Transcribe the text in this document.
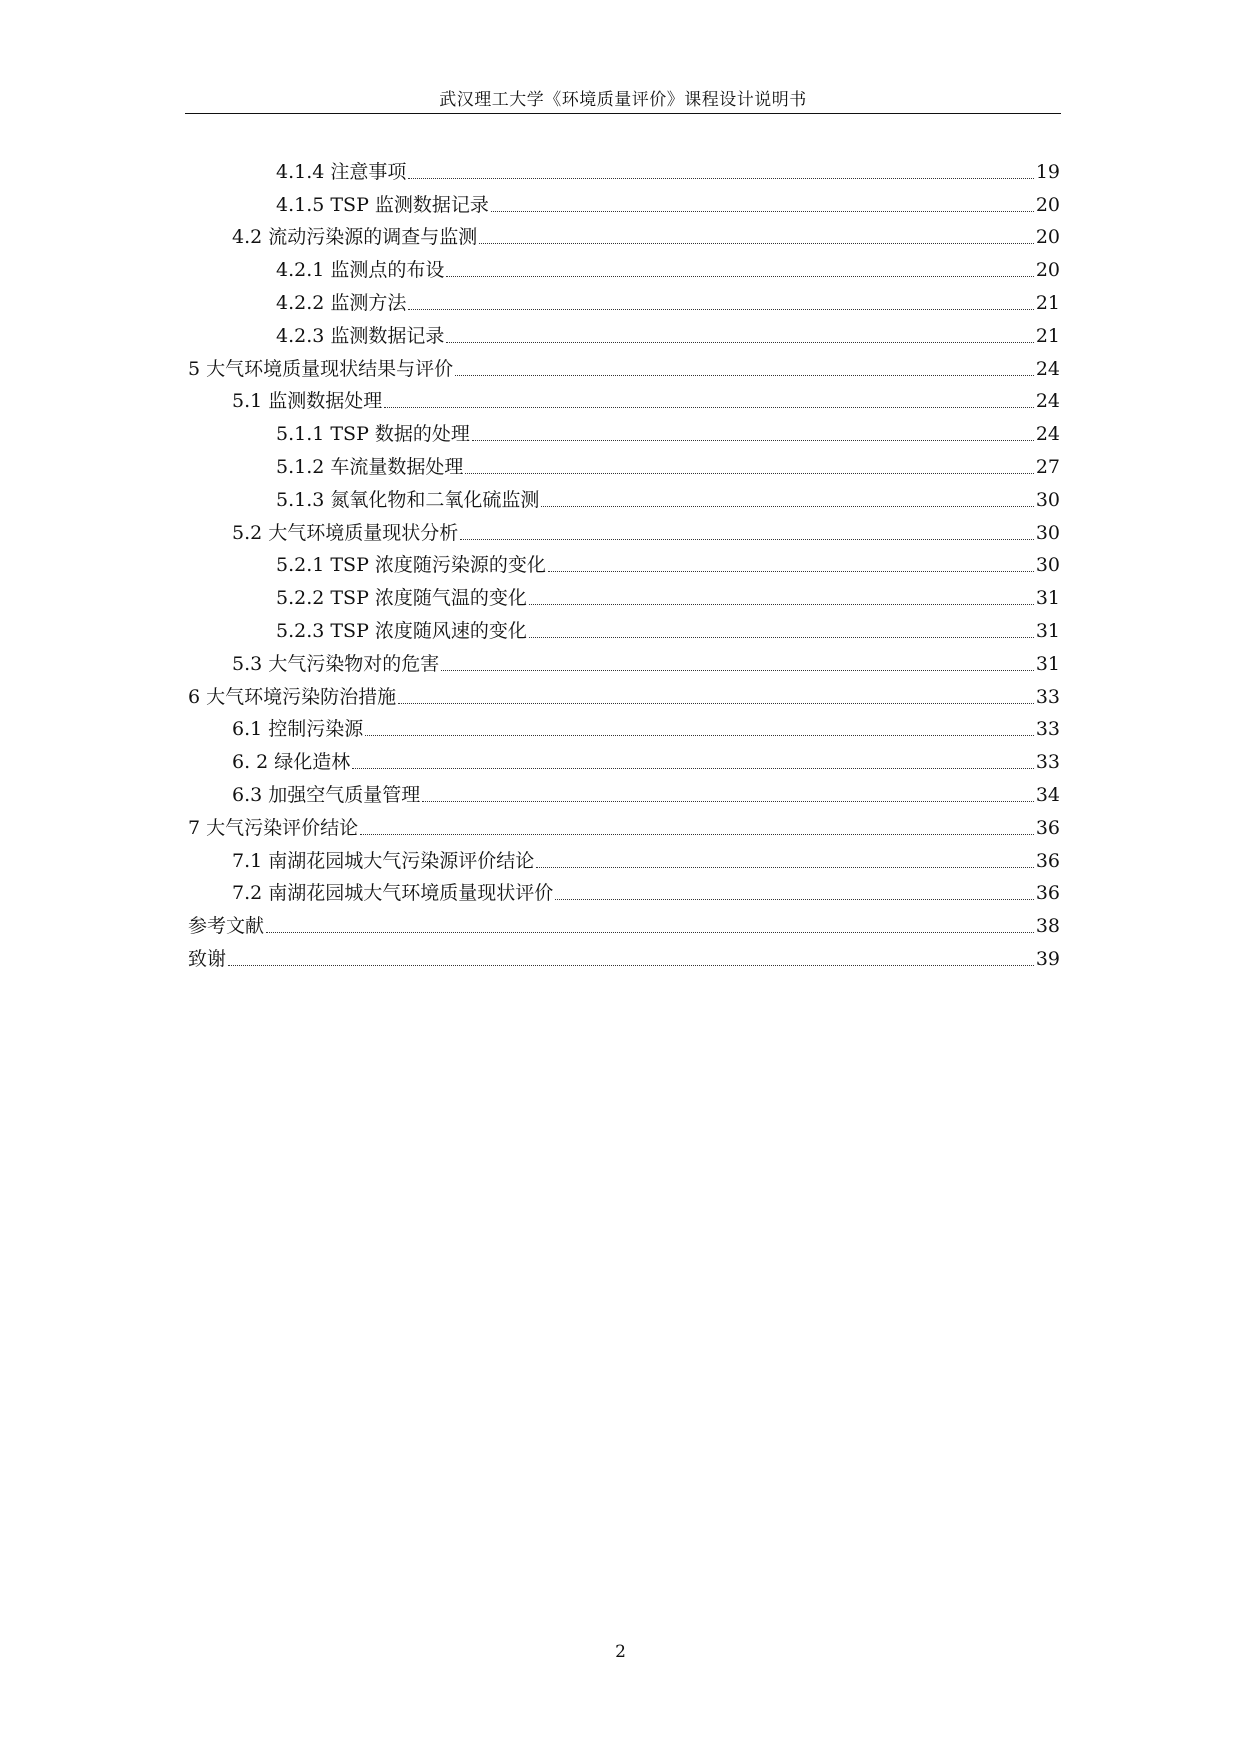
武汉理工大学《环境质量评价》课程设计说明书
4.1.4 注意事项	19
4.1.5 TSP 监测数据记录	20
4.2 流动污染源的调查与监测	20
4.2.1 监测点的布设	20
4.2.2 监测方法	21
4.2.3 监测数据记录	21
5 大气环境质量现状结果与评价	24
5.1 监测数据处理	24
5.1.1 TSP 数据的处理	24
5.1.2 车流量数据处理	27
5.1.3 氮氧化物和二氧化硫监测	30
5.2 大气环境质量现状分析	30
5.2.1 TSP 浓度随污染源的变化	30
5.2.2 TSP 浓度随气温的变化	31
5.2.3 TSP 浓度随风速的变化	31
5.3 大气污染物对的危害	31
6 大气环境污染防治措施	33
6.1 控制污染源	33
6. 2 绿化造林	33
6.3 加强空气质量管理	34
7 大气污染评价结论	36
7.1 南湖花园城大气污染源评价结论	36
7.2 南湖花园城大气环境质量现状评价	36
参考文献	38
致谢	39
2
